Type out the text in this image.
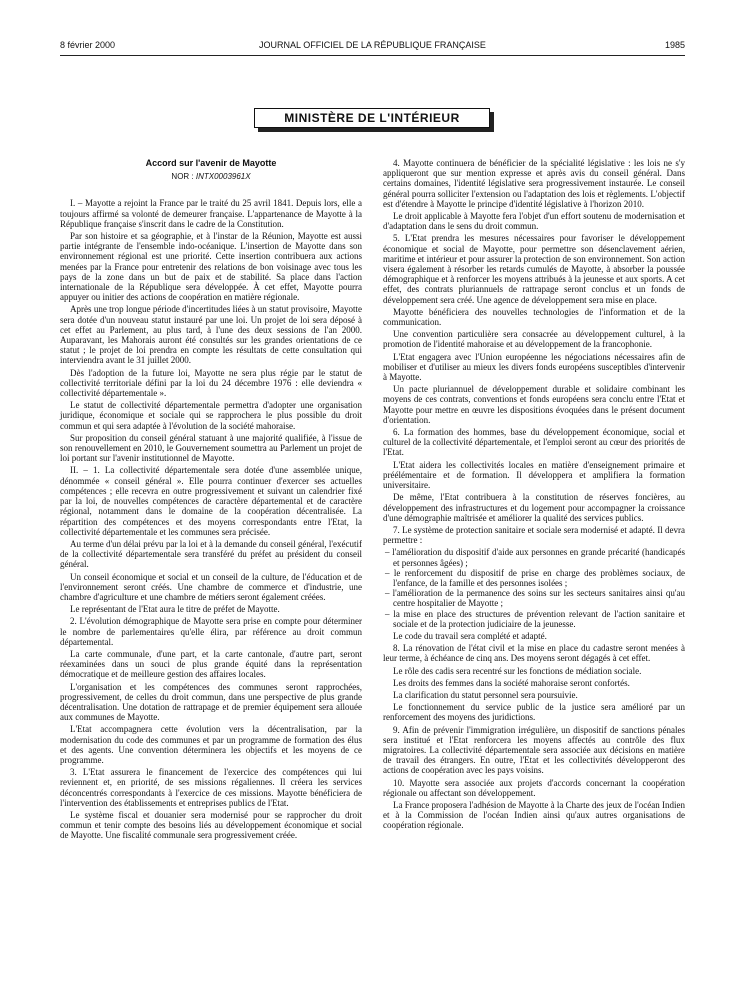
8 février 2000	JOURNAL OFFICIEL DE LA RÉPUBLIQUE FRANÇAISE	1985
MINISTÈRE DE L'INTÉRIEUR

Accord sur l'avenir de Mayotte

NOR : INTX0003961X

I. – Mayotte a rejoint la France par le traité du 25 avril 1841. Depuis lors, elle a toujours affirmé sa volonté de demeurer française. L'appartenance de Mayotte à la République française s'inscrit dans le cadre de la Constitution.

Par son histoire et sa géographie, et à l'instar de la Réunion, Mayotte est aussi partie intégrante de l'ensemble indo-océanique. L'insertion de Mayotte dans son environnement régional est une priorité. Cette insertion contribuera aux actions menées par la France pour entretenir des relations de bon voisinage avec tous les pays de la zone dans un but de paix et de stabilité. Sa place dans l'action internationale de la République sera développée. À cet effet, Mayotte pourra appuyer ou initier des actions de coopération en matière régionale.

Après une trop longue période d'incertitudes liées à un statut provisoire, Mayotte sera dotée d'un nouveau statut instauré par une loi. Un projet de loi sera déposé à cet effet au Parlement, au plus tard, à l'une des deux sessions de l'an 2000. Auparavant, les Mahorais auront été consultés sur les grandes orientations de ce statut ; le projet de loi prendra en compte les résultats de cette consultation qui interviendra avant le 31 juillet 2000.

Dès l'adoption de la future loi, Mayotte ne sera plus régie par le statut de collectivité territoriale défini par la loi du 24 décembre 1976 : elle deviendra « collectivité départementale ».

Le statut de collectivité départementale permettra d'adopter une organisation juridique, économique et sociale qui se rapprochera le plus possible du droit commun et qui sera adaptée à l'évolution de la société mahoraise.

Sur proposition du conseil général statuant à une majorité qualifiée, à l'issue de son renouvellement en 2010, le Gouvernement soumettra au Parlement un projet de loi portant sur l'avenir institutionnel de Mayotte.

II. – 1. La collectivité départementale sera dotée d'une assemblée unique, dénommée « conseil général ». Elle pourra continuer d'exercer ses actuelles compétences ; elle recevra en outre progressivement et suivant un calendrier fixé par la loi, de nouvelles compétences de caractère départemental et de caractère régional, notamment dans le domaine de la coopération décentralisée. La répartition des compétences et des moyens correspondants entre l'Etat, la collectivité départementale et les communes sera précisée.

Au terme d'un délai prévu par la loi et à la demande du conseil général, l'exécutif de la collectivité départementale sera transféré du préfet au président du conseil général.

Un conseil économique et social et un conseil de la culture, de l'éducation et de l'environnement seront créés. Une chambre de commerce et d'industrie, une chambre d'agriculture et une chambre de métiers seront également créées.

Le représentant de l'Etat aura le titre de préfet de Mayotte.

2. L'évolution démographique de Mayotte sera prise en compte pour déterminer le nombre de parlementaires qu'elle élira, par référence au droit commun départemental.

La carte communale, d'une part, et la carte cantonale, d'autre part, seront réexaminées dans un souci de plus grande équité dans la représentation démocratique et de meilleure gestion des affaires locales.

L'organisation et les compétences des communes seront rapprochées, progressivement, de celles du droit commun, dans une perspective de plus grande décentralisation. Une dotation de rattrapage et de premier équipement sera allouée aux communes de Mayotte.

L'Etat accompagnera cette évolution vers la décentralisation, par la modernisation du code des communes et par un programme de formation des élus et des agents. Une convention déterminera les objectifs et les moyens de ce programme.

3. L'Etat assurera le financement de l'exercice des compétences qui lui reviennent et, en priorité, de ses missions régaliennes. Il créera les services déconcentrés correspondants à l'exercice de ces missions. Mayotte bénéficiera de l'intervention des établissements et entreprises publics de l'Etat.

Le système fiscal et douanier sera modernisé pour se rapprocher du droit commun et tenir compte des besoins liés au développement économique et social de Mayotte. Une fiscalité communale sera progressivement créée.

4. Mayotte continuera de bénéficier de la spécialité législative : les lois ne s'y appliqueront que sur mention expresse et après avis du conseil général. Dans certains domaines, l'identité législative sera progressivement instaurée. Le conseil général pourra solliciter l'extension ou l'adaptation des lois et règlements. L'objectif est d'étendre à Mayotte le principe d'identité législative à l'horizon 2010.

Le droit applicable à Mayotte fera l'objet d'un effort soutenu de modernisation et d'adaptation dans le sens du droit commun.

5. L'Etat prendra les mesures nécessaires pour favoriser le développement économique et social de Mayotte, pour permettre son désenclavement aérien, maritime et intérieur et pour assurer la protection de son environnement. Son action visera également à résorber les retards cumulés de Mayotte, à absorber la poussée démographique et à renforcer les moyens attribués à la jeunesse et aux sports. A cet effet, des contrats pluriannuels de rattrapage seront conclus et un fonds de développement sera créé. Une agence de développement sera mise en place.

Mayotte bénéficiera des nouvelles technologies de l'information et de la communication.

Une convention particulière sera consacrée au développement culturel, à la promotion de l'identité mahoraise et au développement de la francophonie.

L'Etat engagera avec l'Union européenne les négociations nécessaires afin de mobiliser et d'utiliser au mieux les divers fonds européens susceptibles d'intervenir à Mayotte.

Un pacte pluriannuel de développement durable et solidaire combinant les moyens de ces contrats, conventions et fonds européens sera conclu entre l'Etat et Mayotte pour mettre en œuvre les dispositions évoquées dans le présent document d'orientation.

6. La formation des hommes, base du développement économique, social et culturel de la collectivité départementale, et l'emploi seront au cœur des priorités de l'Etat.

L'Etat aidera les collectivités locales en matière d'enseignement primaire et préélémentaire et de formation. Il développera et amplifiera la formation universitaire.

De même, l'Etat contribuera à la constitution de réserves foncières, au développement des infrastructures et du logement pour accompagner la croissance d'une démographie maîtrisée et améliorer la qualité des services publics.

7. Le système de protection sanitaire et sociale sera modernisé et adapté. Il devra permettre :

– l'amélioration du dispositif d'aide aux personnes en grande précarité (handicapés et personnes âgées) ;
– le renforcement du dispositif de prise en charge des problèmes sociaux, de l'enfance, de la famille et des personnes isolées ;
– l'amélioration de la permanence des soins sur les secteurs sanitaires ainsi qu'au centre hospitalier de Mayotte ;
– la mise en place des structures de prévention relevant de l'action sanitaire et sociale et de la protection judiciaire de la jeunesse.

Le code du travail sera complété et adapté.

8. La rénovation de l'état civil et la mise en place du cadastre seront menées à leur terme, à échéance de cinq ans. Des moyens seront dégagés à cet effet.

Le rôle des cadis sera recentré sur les fonctions de médiation sociale.

Les droits des femmes dans la société mahoraise seront confortés.

La clarification du statut personnel sera poursuivie.

Le fonctionnement du service public de la justice sera amélioré par un renforcement des moyens des juridictions.

9. Afin de prévenir l'immigration irrégulière, un dispositif de sanctions pénales sera institué et l'Etat renforcera les moyens affectés au contrôle des flux migratoires. La collectivité départementale sera associée aux décisions en matière de travail des étrangers. En outre, l'Etat et les collectivités développeront des actions de coopération avec les pays voisins.

10. Mayotte sera associée aux projets d'accords concernant la coopération régionale ou affectant son développement.

La France proposera l'adhésion de Mayotte à la Charte des jeux de l'océan Indien et à la Commission de l'océan Indien ainsi qu'aux autres organisations de coopération régionale.
